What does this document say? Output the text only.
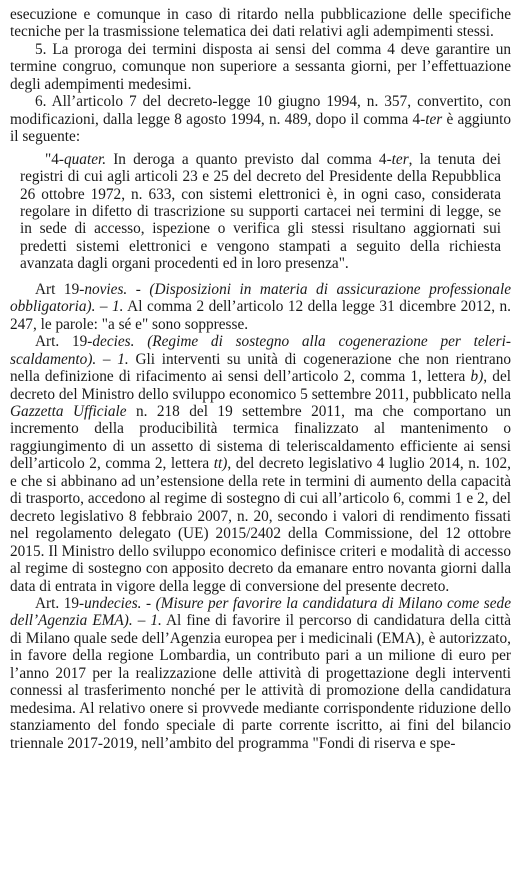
esecuzione e comunque in caso di ritardo nella pubblicazione delle specifiche tecniche per la trasmissione telematica dei dati relativi agli adempimenti stessi.

5. La proroga dei termini disposta ai sensi del comma 4 deve garantire un termine congruo, comunque non superiore a sessanta giorni, per l’effettuazione degli adempimenti medesimi.

6. All’articolo 7 del decreto-legge 10 giugno 1994, n. 357, convertito, con modificazioni, dalla legge 8 agosto 1994, n. 489, dopo il comma 4-ter è aggiunto il seguente:

"4-quater. In deroga a quanto previsto dal comma 4-ter, la tenuta dei registri di cui agli articoli 23 e 25 del decreto del Presidente della Repubblica 26 ottobre 1972, n. 633, con sistemi elettronici è, in ogni caso, considerata regolare in difetto di trascrizione su supporti cartacei nei termini di legge, se in sede di accesso, ispezione o verifica gli stessi risultano aggiornati sui predetti sistemi elettronici e vengono stampati a seguito della richiesta avanzata dagli organi procedenti ed in loro presenza".

Art 19-novies. - (Disposizioni in materia di assicurazione professionale obbligatoria). – 1. Al comma 2 dell’articolo 12 della legge 31 dicembre 2012, n. 247, le parole: "a sé e" sono soppresse.

Art. 19-decies. (Regime di sostegno alla cogenerazione per teleriscaldamento). – 1. Gli interventi su unità di cogenerazione che non rientrano nella definizione di rifacimento ai sensi dell’articolo 2, comma 1, lettera b), del decreto del Ministro dello sviluppo economico 5 settembre 2011, pubblicato nella Gazzetta Ufficiale n. 218 del 19 settembre 2011, ma che comportano un incremento della producibilità termica finalizzato al mantenimento o raggiungimento di un assetto di sistema di teleriscaldamento efficiente ai sensi dell’articolo 2, comma 2, lettera tt), del decreto legislativo 4 luglio 2014, n. 102, e che si abbinano ad un’estensione della rete in termini di aumento della capacità di trasporto, accedono al regime di sostegno di cui all’articolo 6, commi 1 e 2, del decreto legislativo 8 febbraio 2007, n. 20, secondo i valori di rendimento fissati nel regolamento delegato (UE) 2015/2402 della Commissione, del 12 ottobre 2015. Il Ministro dello sviluppo economico definisce criteri e modalità di accesso al regime di sostegno con apposito decreto da emanare entro novanta giorni dalla data di entrata in vigore della legge di conversione del presente decreto.

Art. 19-undecies. - (Misure per favorire la candidatura di Milano come sede dell’Agenzia EMA). – 1. Al fine di favorire il percorso di candidatura della città di Milano quale sede dell’Agenzia europea per i medicinali (EMA), è autorizzato, in favore della regione Lombardia, un contributo pari a un milione di euro per l’anno 2017 per la realizzazione delle attività di progettazione degli interventi connessi al trasferimento nonché per le attività di promozione della candidatura medesima. Al relativo onere si provvede mediante corrispondente riduzione dello stanziamento del fondo speciale di parte corrente iscritto, ai fini del bilancio triennale 2017-2019, nell’ambito del programma "Fondi di riserva e spe-
